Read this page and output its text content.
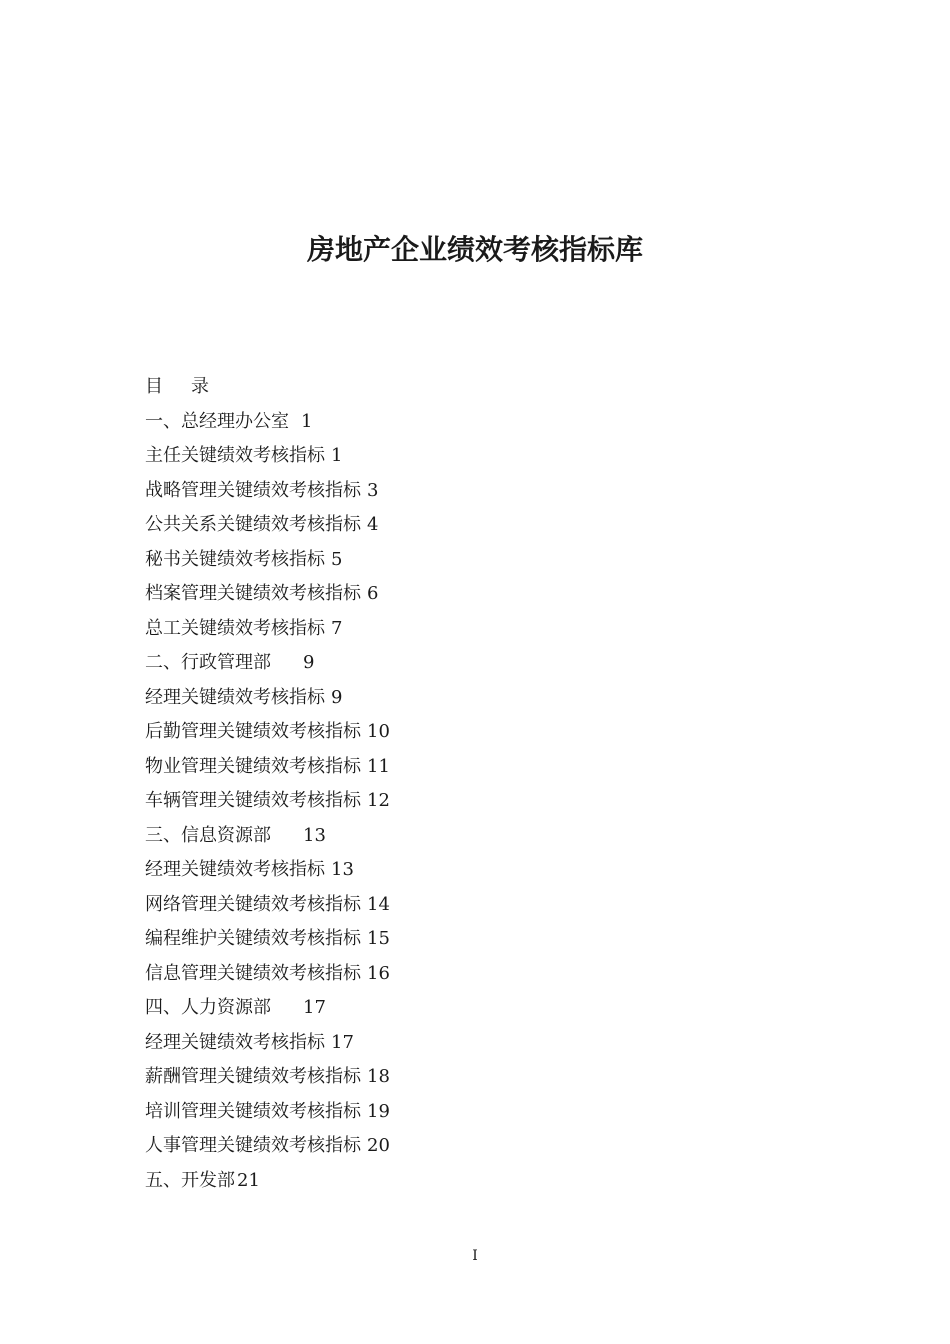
房地产企业绩效考核指标库
目 录
一、总经理办公室 1
主任关键绩效考核指标 1
战略管理关键绩效考核指标 3
公共关系关键绩效考核指标 4
秘书关键绩效考核指标 5
档案管理关键绩效考核指标 6
总工关键绩效考核指标 7
二、行政管理部 9
经理关键绩效考核指标 9
后勤管理关键绩效考核指标 10
物业管理关键绩效考核指标 11
车辆管理关键绩效考核指标 12
三、信息资源部 13
经理关键绩效考核指标 13
网络管理关键绩效考核指标 14
编程维护关键绩效考核指标 15
信息管理关键绩效考核指标 16
四、人力资源部 17
经理关键绩效考核指标 17
薪酬管理关键绩效考核指标 18
培训管理关键绩效考核指标 19
人事管理关键绩效考核指标 20
五、开发部 21
I
